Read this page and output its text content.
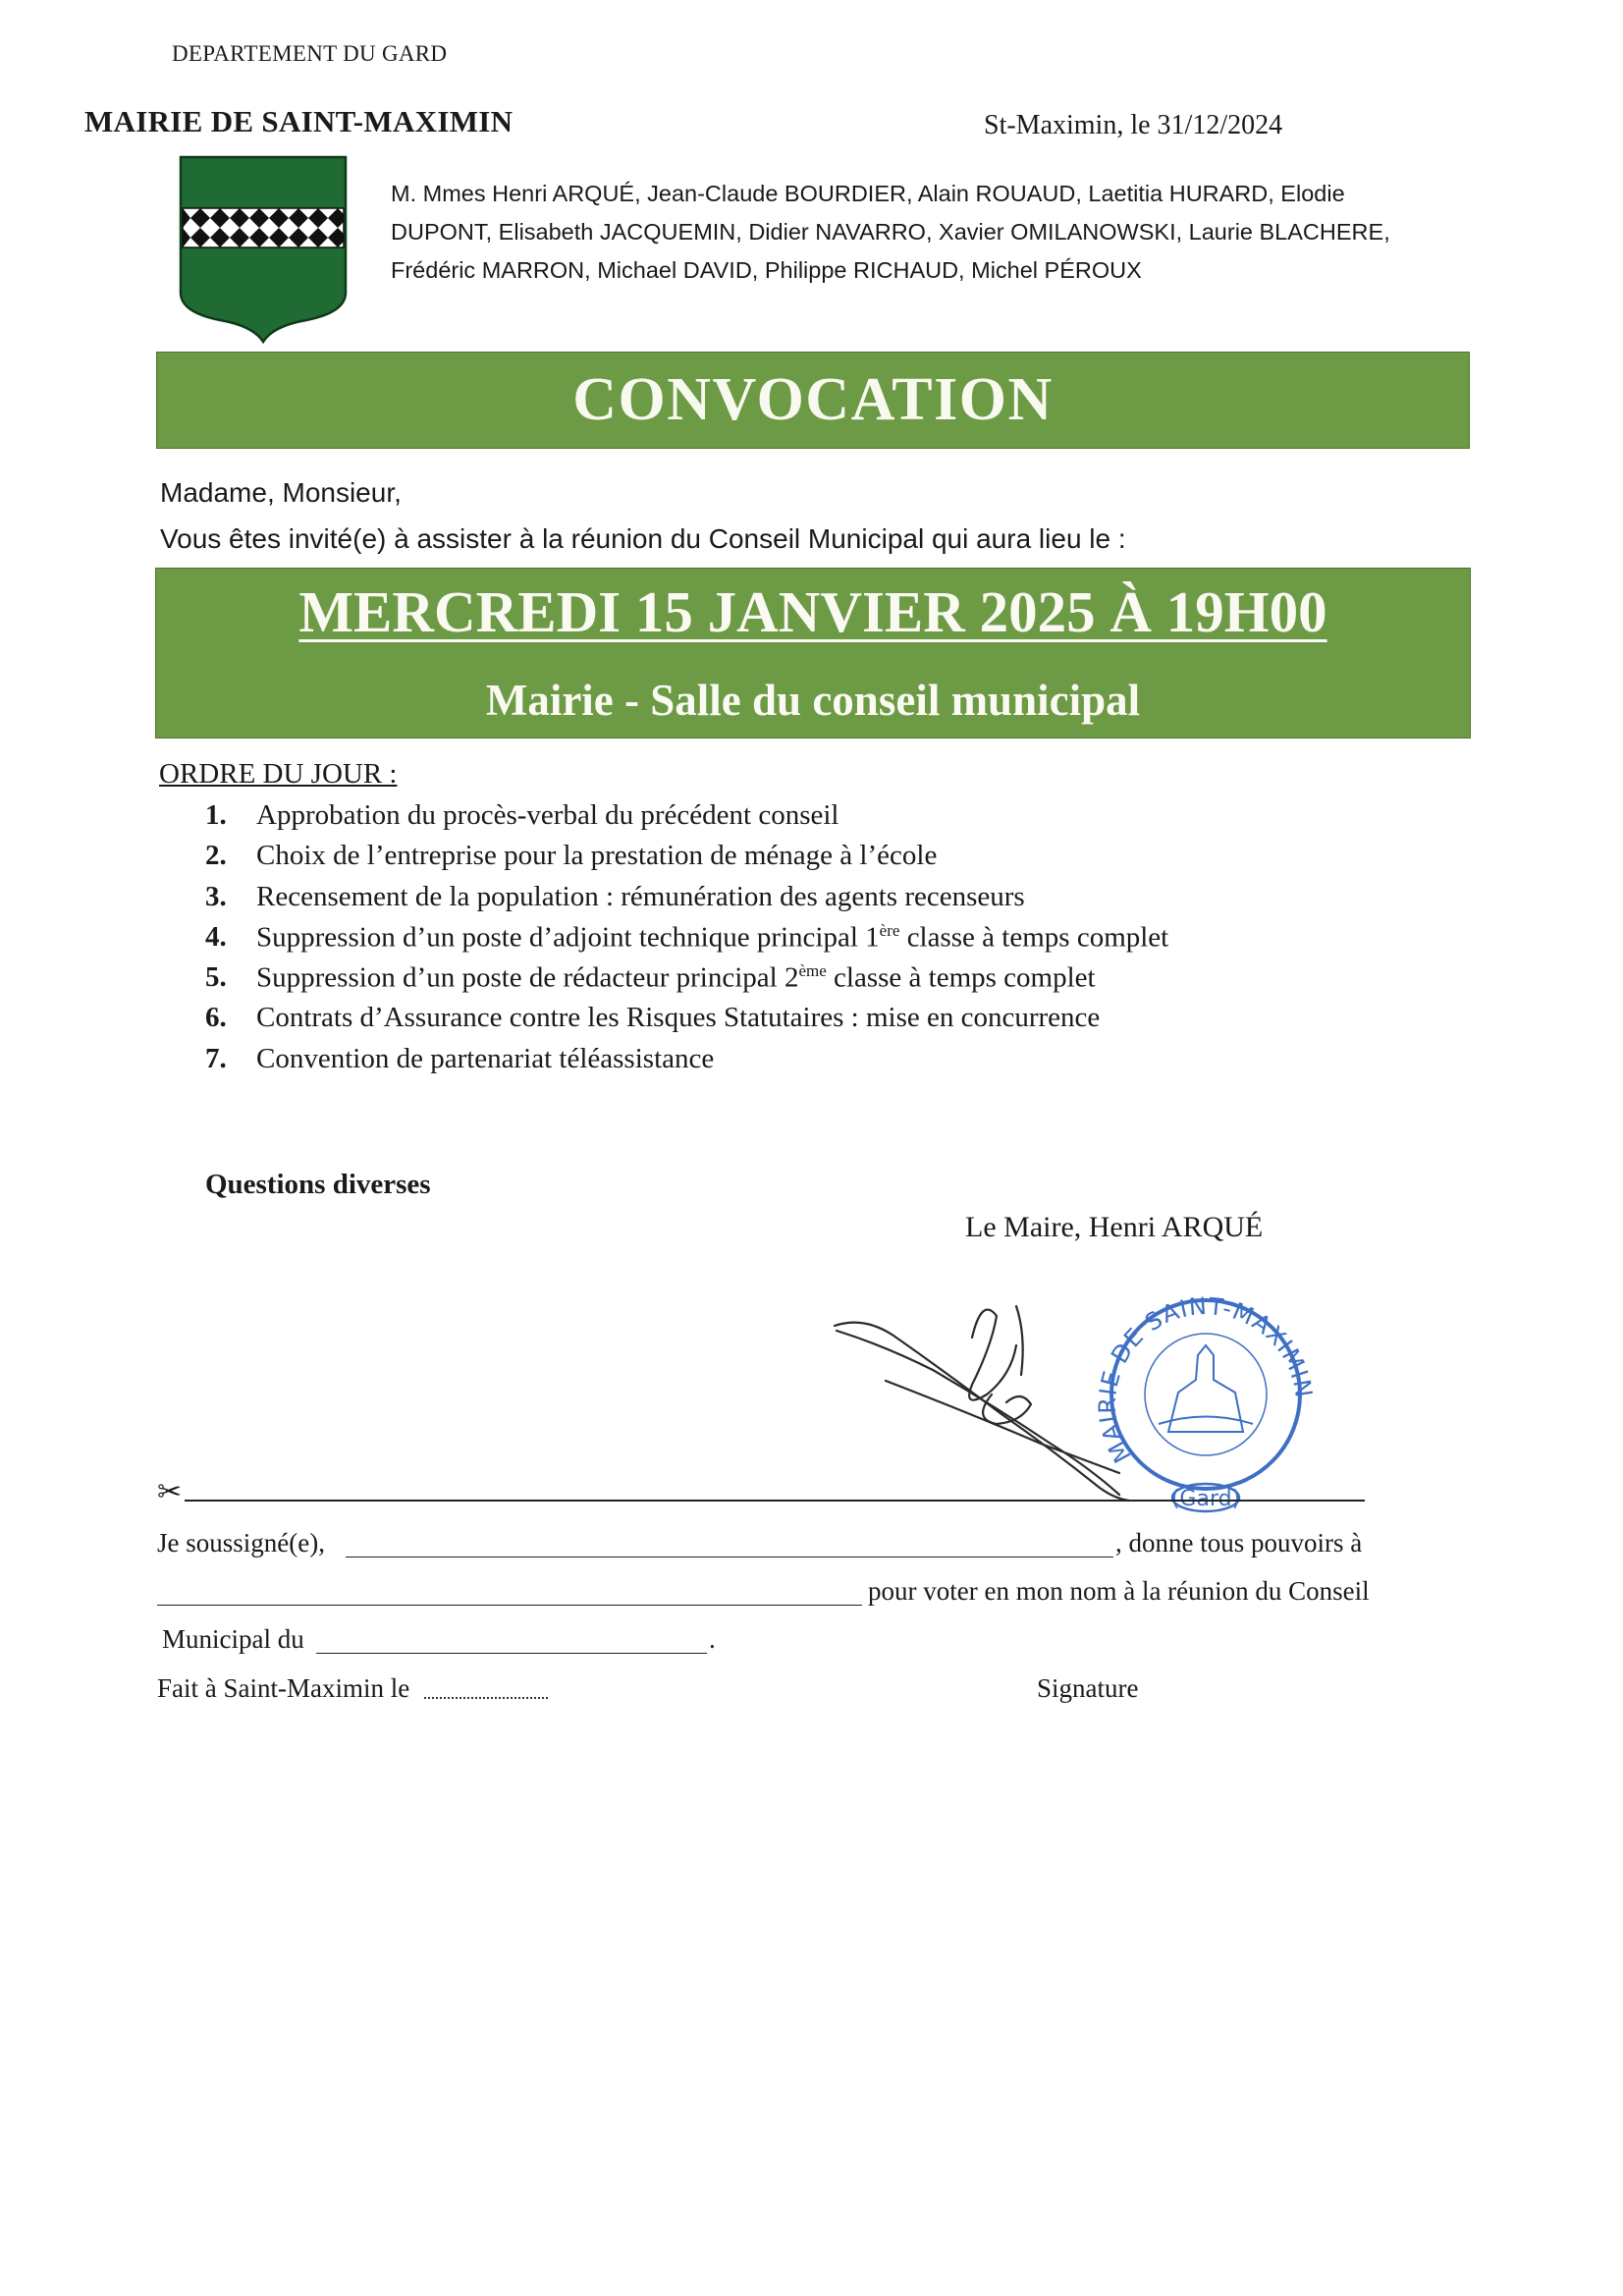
DEPARTEMENT DU GARD
MAIRIE DE SAINT-MAXIMIN	St-Maximin, le 31/12/2024
M. Mmes Henri ARQUÉ, Jean-Claude BOURDIER, Alain ROUAUD, Laetitia HURARD, Elodie
DUPONT, Elisabeth JACQUEMIN, Didier NAVARRO, Xavier OMILANOWSKI, Laurie BLACHERE,
Frédéric MARRON, Michael DAVID, Philippe RICHAUD, Michel PÉROUX
CONVOCATION
Madame, Monsieur,
Vous êtes invité(e) à assister à la réunion du Conseil Municipal qui aura lieu le :
MERCREDI 15 JANVIER 2025 À 19H00
Mairie - Salle du conseil municipal
ORDRE DU JOUR :
1.	Approbation du procès-verbal du précédent conseil
2.	Choix de l’entreprise pour la prestation de ménage à l’école
3.	Recensement de la population : rémunération des agents recenseurs
4.	Suppression d’un poste d’adjoint technique principal 1ère classe à temps complet
5.	Suppression d’un poste de rédacteur principal 2ème classe à temps complet
6.	Contrats d’Assurance contre les Risques Statutaires : mise en concurrence
7.	Convention de partenariat téléassistance
Questions diverses
Le Maire, Henri ARQUÉ
MAIRIE DE SAINT-MAXIMIN
(Gard)
✂
Je soussigné(e),	, donne tous pouvoirs à
pour voter en mon nom à la réunion du Conseil
Municipal du	.
Fait à Saint-Maximin le	Signature
